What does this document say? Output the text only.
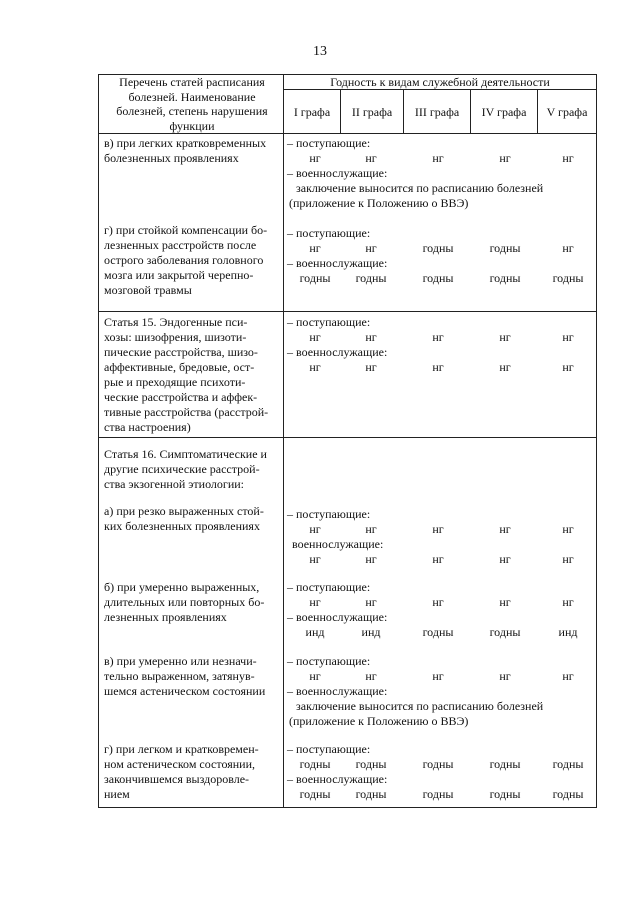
13
Перечень статей расписания болезней. Наименование болезней, степень нарушения функции
Годность к видам служебной деятельности
I графа	II графа	III графа	IV графа	V графа
в) при легких кратковременных
болезненных проявлениях
– поступающие:
нг	нг	нг	нг	нг
– военнослужащие:
заключение выносится по расписанию болезней
(приложение к Положению о ВВЭ)
г) при стойкой компенсации бо-
лезненных расстройств после
острого заболевания головного
мозга или закрытой черепно-
мозговой травмы
– поступающие:
нг	нг	годны	годны	нг
– военнослужащие:
годны	годны	годны	годны	годны
Статья 15. Эндогенные пси-
хозы: шизофрения, шизоти-
пические расстройства, шизо-
аффективные, бредовые, ост-
рые и преходящие психоти-
ческие расстройства и аффек-
тивные расстройства (расстрой-
ства настроения)
– поступающие:
нг	нг	нг	нг	нг
– военнослужащие:
нг	нг	нг	нг	нг
Статья 16. Симптоматические и
другие психические расстрой-
ства экзогенной этиологии:
а) при резко выраженных стой-
ких болезненных проявлениях
– поступающие:
нг	нг	нг	нг	нг
военнослужащие:
нг	нг	нг	нг	нг
б) при умеренно выраженных,
длительных или повторных бо-
лезненных проявлениях
– поступающие:
нг	нг	нг	нг	нг
– военнослужащие:
инд	инд	годны	годны	инд
в) при умеренно или незначи-
тельно выраженном, затянув-
шемся астеническом состоянии
– поступающие:
нг	нг	нг	нг	нг
– военнослужащие:
заключение выносится по расписанию болезней
(приложение к Положению о ВВЭ)
г) при легком и кратковремен-
ном астеническом состоянии,
закончившемся выздоровле-
нием
– поступающие:
годны	годны	годны	годны	годны
– военнослужащие:
годны	годны	годны	годны	годны
